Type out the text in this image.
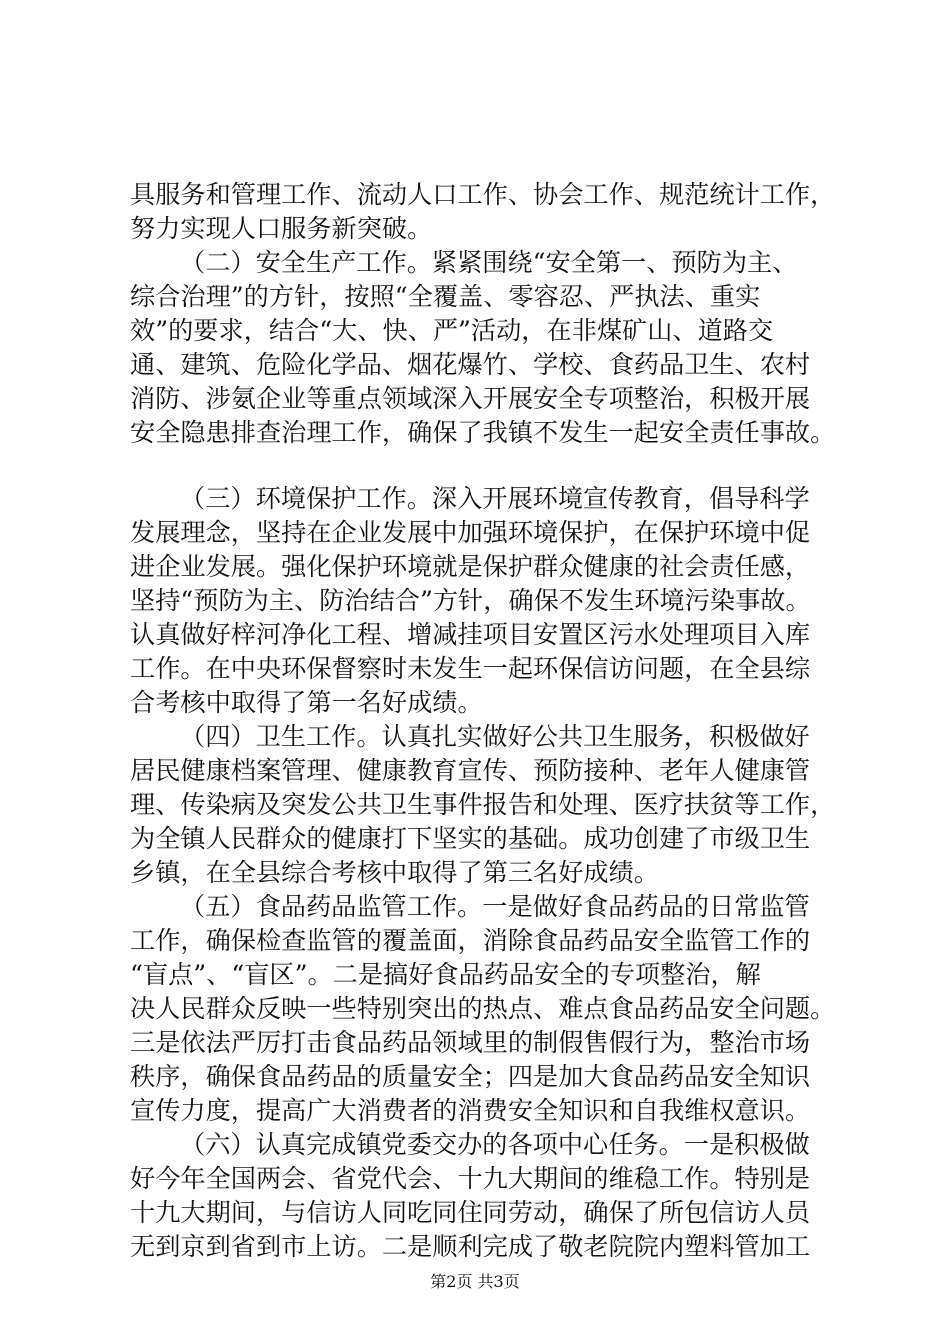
具服务和管理工作、流动人口工作、协会工作、规范统计工作，
努力实现人口服务新突破。
（二）安全生产工作。紧紧围绕“安全第一、预防为主、
综合治理”的方针，按照“全覆盖、零容忍、严执法、重实
效”的要求，结合“大、快、严”活动，在非煤矿山、道路交
通、建筑、危险化学品、烟花爆竹、学校、食药品卫生、农村
消防、涉氨企业等重点领域深入开展安全专项整治，积极开展
安全隐患排查治理工作，确保了我镇不发生一起安全责任事故。
（三）环境保护工作。深入开展环境宣传教育，倡导科学
发展理念，坚持在企业发展中加强环境保护，在保护环境中促
进企业发展。强化保护环境就是保护群众健康的社会责任感，
坚持“预防为主、防治结合”方针，确保不发生环境污染事故。
认真做好梓河净化工程、增减挂项目安置区污水处理项目入库
工作。在中央环保督察时未发生一起环保信访问题，在全县综
合考核中取得了第一名好成绩。
（四）卫生工作。认真扎实做好公共卫生服务，积极做好
居民健康档案管理、健康教育宣传、预防接种、老年人健康管
理、传染病及突发公共卫生事件报告和处理、医疗扶贫等工作，
为全镇人民群众的健康打下坚实的基础。成功创建了市级卫生
乡镇，在全县综合考核中取得了第三名好成绩。
（五）食品药品监管工作。一是做好食品药品的日常监管
工作，确保检查监管的覆盖面，消除食品药品安全监管工作的
“盲点”、“盲区”。二是搞好食品药品安全的专项整治，解
决人民群众反映一些特别突出的热点、难点食品药品安全问题。
三是依法严厉打击食品药品领域里的制假售假行为，整治市场
秩序，确保食品药品的质量安全；四是加大食品药品安全知识
宣传力度，提高广大消费者的消费安全知识和自我维权意识。
（六）认真完成镇党委交办的各项中心任务。一是积极做
好今年全国两会、省党代会、十九大期间的维稳工作。特别是
十九大期间，与信访人同吃同住同劳动，确保了所包信访人员
无到京到省到市上访。二是顺利完成了敬老院院内塑料管加工
第2页 共3页
